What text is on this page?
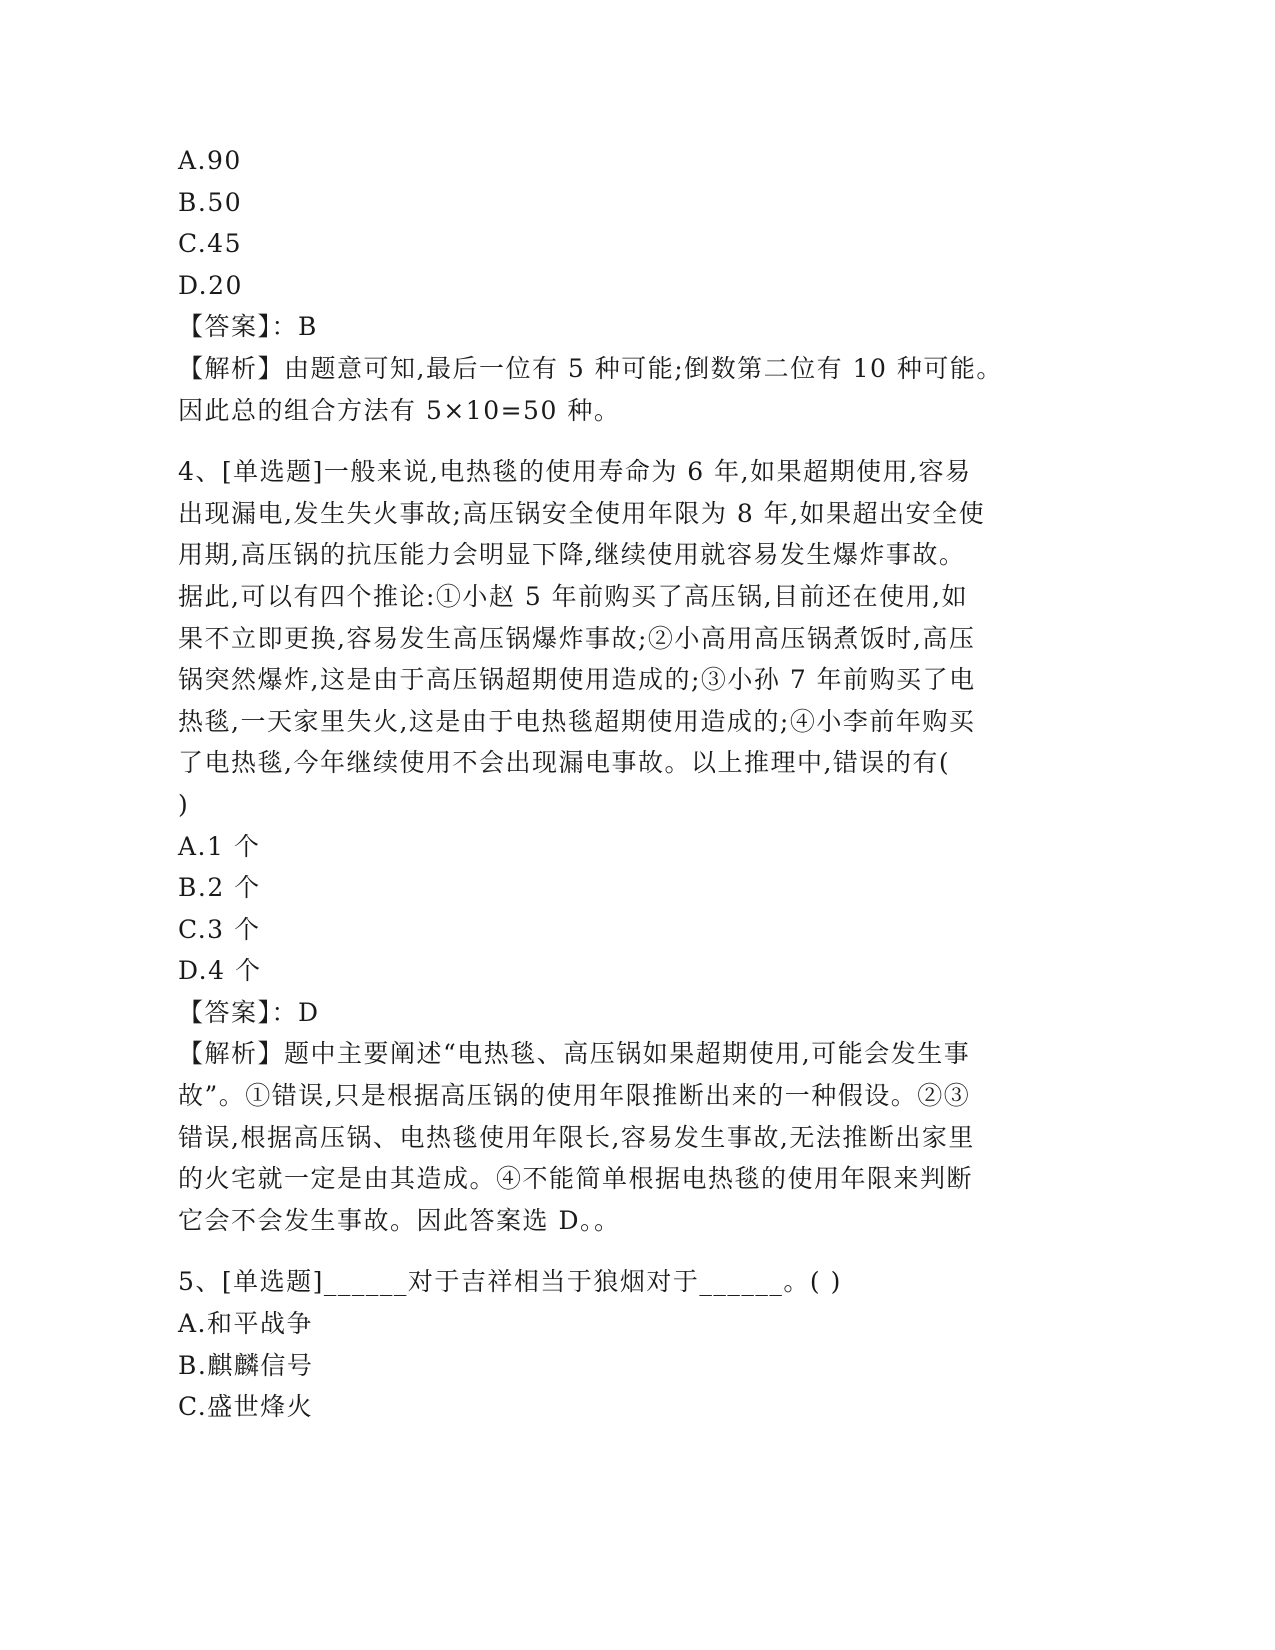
A.90
B.50
C.45
D.20
【答案】：B
【解析】由题意可知,最后一位有 5 种可能;倒数第二位有 10 种可能。
因此总的组合方法有 5×10=50 种。
4、[单选题]一般来说,电热毯的使用寿命为 6 年,如果超期使用,容易
出现漏电,发生失火事故;高压锅安全使用年限为 8 年,如果超出安全使
用期,高压锅的抗压能力会明显下降,继续使用就容易发生爆炸事故。
据此,可以有四个推论:①小赵 5 年前购买了高压锅,目前还在使用,如
果不立即更换,容易发生高压锅爆炸事故;②小高用高压锅煮饭时,高压
锅突然爆炸,这是由于高压锅超期使用造成的;③小孙 7 年前购买了电
热毯,一天家里失火,这是由于电热毯超期使用造成的;④小李前年购买
了电热毯,今年继续使用不会出现漏电事故。以上推理中,错误的有(
)
A.1 个
B.2 个
C.3 个
D.4 个
【答案】：D
【解析】题中主要阐述“电热毯、高压锅如果超期使用,可能会发生事
故”。①错误,只是根据高压锅的使用年限推断出来的一种假设。②③
错误,根据高压锅、电热毯使用年限长,容易发生事故,无法推断出家里
的火宅就一定是由其造成。④不能简单根据电热毯的使用年限来判断
它会不会发生事故。因此答案选 D。。
5、[单选题]______对于吉祥相当于狼烟对于______。( )
A.和平战争
B.麒麟信号
C.盛世烽火
